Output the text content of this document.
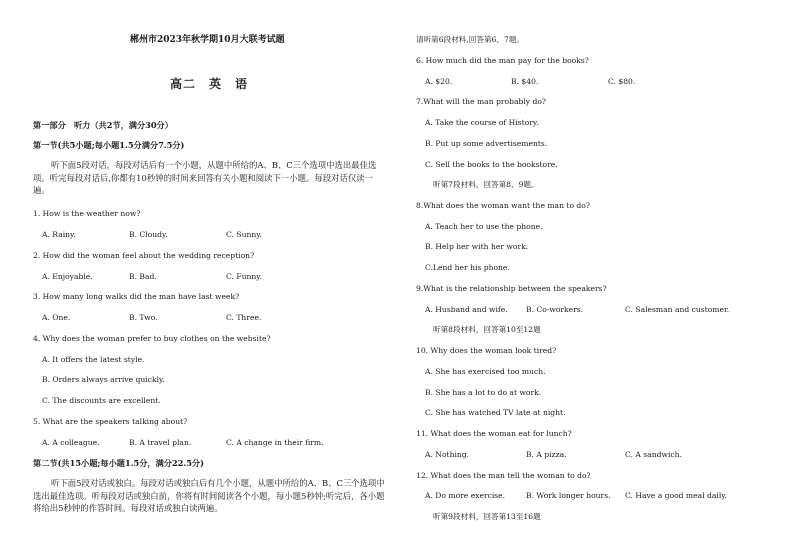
郴州市2023年秋学期10月大联考试题
高二　英　语
第一部分　听力（共2节，满分30分）
第一节(共5小题;每小题1.5分满分7.5分)
听下面5段对话，每段对话后有一个小题，从题中所给的A、B、C三个选项中选出最佳选项。听完每段对话后,你都有10秒钟的时间来回答有关小题和阅读下一小题。每段对话仅读一遍。
1. How is the weather now?
A. Rainy.	B. Cloudy.	C. Sunny.
2. How did the woman feel about the wedding reception?
A. Enjoyable.	B. Bad.	C. Funny.
3. How many long walks did the man have last week?
A. One.	B. Two.	C. Three.
4. Why does the woman prefer to buy clothes on the website?
A. It offers the latest style.
B. Orders always arrive quickly.
C. The discounts are excellent.
5. What are the speakers talking about?
A. A colleague.	B. A travel plan.	C. A change in their firm.
第二节(共15小题;每小题1.5分，满分22.5分)
听下面5段对话或独白。每段对话或独白后有几个小题，从题中所给的A、B、C三个选项中选出最佳选项。听每段对话或独白前，你将有时间阅读各个小题，每小题5秒钟;听完后，各小题将给出5秒钟的作答时间。每段对话或独白读两遍。
请听第6段材料,回答第6、7题。
6. How much did the man pay for the books?
A. $20.	B. $40.	C. $80.
7.What will the man probably do?
A. Take the course of History.
B. Put up some advertisements.
C. Sell the books to the bookstore.
听第7段材料，回答第8、9题。
8.What does the woman want the man to do?
A. Teach her to use the phone.
B. Help her with her work.
C.Lend her his phone.
9.What is the relationship between the speakers?
A. Husband and wife. B. Co-workers.	C. Salesman and customer.
听第8段材料，回答第10至12题
10. Why does the woman look tired?
A. She has exercised too much.
B. She has a lot to do at work.
C. She has watched TV late at night.
11. What does the woman eat for lunch?
A. Nothing.	B. A pizza.	C. A sandwich.
12. What does the man tell the woman to do?
A. Do more exercise.	B. Work longer hours. C. Have a good meal daily.
听第9段材料，回答第13至16题
